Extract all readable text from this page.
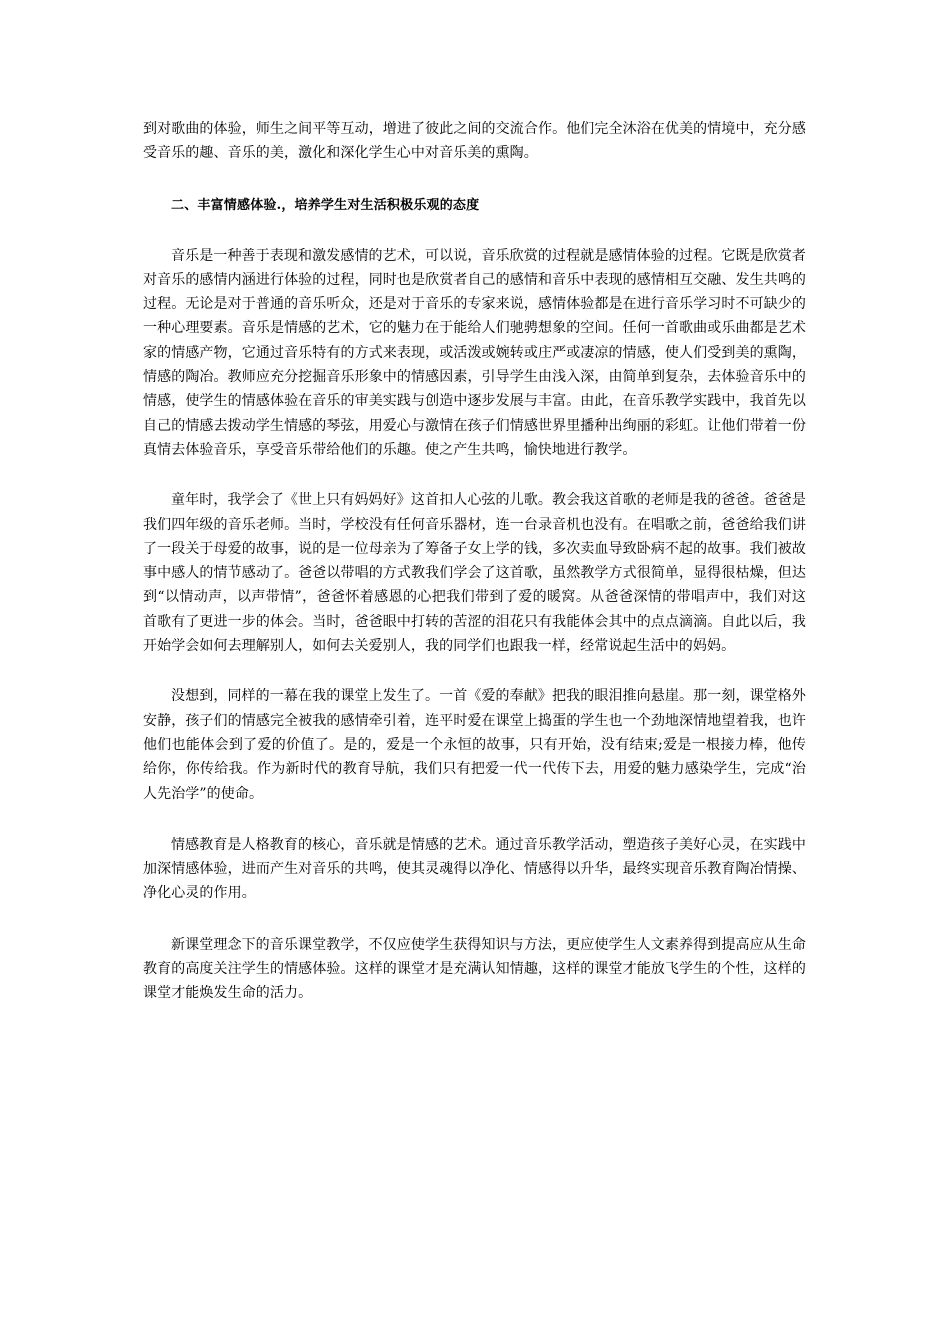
到对歌曲的体验，师生之间平等互动，增进了彼此之间的交流合作。他们完全沐浴在优美的情境中，充分感受音乐的趣、音乐的美，激化和深化学生心中对音乐美的熏陶。

二、丰富情感体验.，培养学生对生活积极乐观的态度

音乐是一种善于表现和激发感情的艺术，可以说，音乐欣赏的过程就是感情体验的过程。它既是欣赏者对音乐的感情内涵进行体验的过程，同时也是欣赏者自己的感情和音乐中表现的感情相互交融、发生共鸣的过程。无论是对于普通的音乐听众，还是对于音乐的专家来说，感情体验都是在进行音乐学习时不可缺少的一种心理要素。音乐是情感的艺术，它的魅力在于能给人们驰骋想象的空间。任何一首歌曲或乐曲都是艺术家的情感产物，它通过音乐特有的方式来表现，或活泼或婉转或庄严或凄凉的情感，使人们受到美的熏陶，情感的陶冶。教师应充分挖掘音乐形象中的情感因素，引导学生由浅入深，由简单到复杂，去体验音乐中的情感，使学生的情感体验在音乐的审美实践与创造中逐步发展与丰富。由此，在音乐教学实践中，我首先以自己的情感去拨动学生情感的琴弦，用爱心与激情在孩子们情感世界里播种出绚丽的彩虹。让他们带着一份真情去体验音乐，享受音乐带给他们的乐趣。使之产生共鸣，愉快地进行教学。

童年时，我学会了《世上只有妈妈好》这首扣人心弦的儿歌。教会我这首歌的老师是我的爸爸。爸爸是我们四年级的音乐老师。当时，学校没有任何音乐器材，连一台录音机也没有。在唱歌之前，爸爸给我们讲了一段关于母爱的故事，说的是一位母亲为了筹备子女上学的钱，多次卖血导致卧病不起的故事。我们被故事中感人的情节感动了。爸爸以带唱的方式教我们学会了这首歌，虽然教学方式很简单，显得很枯燥，但达到“以情动声，以声带情”，爸爸怀着感恩的心把我们带到了爱的暖窝。从爸爸深情的带唱声中，我们对这首歌有了更进一步的体会。当时，爸爸眼中打转的苦涩的泪花只有我能体会其中的点点滴滴。自此以后，我开始学会如何去理解别人，如何去关爱别人，我的同学们也跟我一样，经常说起生活中的妈妈。

没想到，同样的一幕在我的课堂上发生了。一首《爱的奉献》把我的眼泪推向悬崖。那一刻，课堂格外安静，孩子们的情感完全被我的感情牵引着，连平时爱在课堂上捣蛋的学生也一个劲地深情地望着我，也许他们也能体会到了爱的价值了。是的，爱是一个永恒的故事，只有开始，没有结束;爱是一根接力棒，他传给你，你传给我。作为新时代的教育导航，我们只有把爱一代一代传下去，用爱的魅力感染学生，完成“治人先治学”的使命。

情感教育是人格教育的核心，音乐就是情感的艺术。通过音乐教学活动，塑造孩子美好心灵，在实践中加深情感体验，进而产生对音乐的共鸣，使其灵魂得以净化、情感得以升华，最终实现音乐教育陶冶情操、净化心灵的作用。

新课堂理念下的音乐课堂教学，不仅应使学生获得知识与方法，更应使学生人文素养得到提高应从生命教育的高度关注学生的情感体验。这样的课堂才是充满认知情趣，这样的课堂才能放飞学生的个性，这样的课堂才能焕发生命的活力。
